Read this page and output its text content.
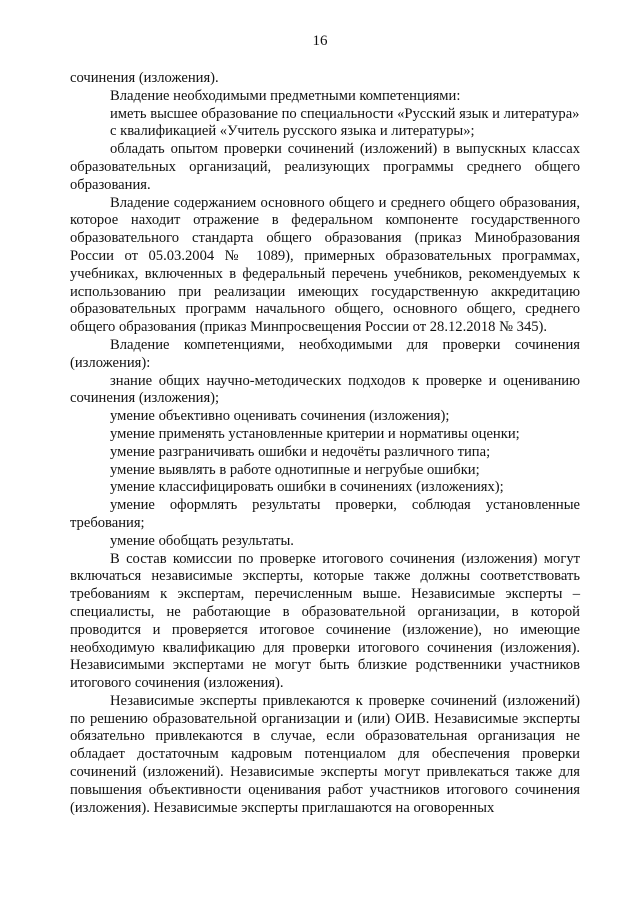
16

сочинения (изложения).

Владение необходимыми предметными компетенциями:

иметь высшее образование по специальности «Русский язык и литература»

с квалификацией «Учитель русского языка и литературы»;

обладать опытом проверки сочинений (изложений) в выпускных классах образовательных организаций, реализующих программы среднего общего образования.

Владение содержанием основного общего и среднего общего образования, которое находит отражение в федеральном компоненте государственного образовательного стандарта общего образования (приказ Минобразования России от 05.03.2004 № 1089), примерных образовательных программах, учебниках, включенных в федеральный перечень учебников, рекомендуемых к использованию при реализации имеющих государственную аккредитацию образовательных программ начального общего, основного общего, среднего общего образования (приказ Минпросвещения России от 28.12.2018 № 345).

Владение компетенциями, необходимыми для проверки сочинения (изложения):

знание общих научно-методических подходов к проверке и оцениванию сочинения (изложения);

умение объективно оценивать сочинения (изложения);

умение применять установленные критерии и нормативы оценки;

умение разграничивать ошибки и недочёты различного типа;

умение выявлять в работе однотипные и негрубые ошибки;

умение классифицировать ошибки в сочинениях (изложениях);

умение оформлять результаты проверки, соблюдая установленные требования;

умение обобщать результаты.

В состав комиссии по проверке итогового сочинения (изложения) могут включаться независимые эксперты, которые также должны соответствовать требованиям к экспертам, перечисленным выше. Независимые эксперты – специалисты, не работающие в образовательной организации, в которой проводится и проверяется итоговое сочинение (изложение), но имеющие необходимую квалификацию для проверки итогового сочинения (изложения). Независимыми экспертами не могут быть близкие родственники участников итогового сочинения (изложения).

Независимые эксперты привлекаются к проверке сочинений (изложений) по решению образовательной организации и (или) ОИВ. Независимые эксперты обязательно привлекаются в случае, если образовательная организация не обладает достаточным кадровым потенциалом для обеспечения проверки сочинений (изложений). Независимые эксперты могут привлекаться также для повышения объективности оценивания работ участников итогового сочинения (изложения). Независимые эксперты приглашаются на оговоренных
